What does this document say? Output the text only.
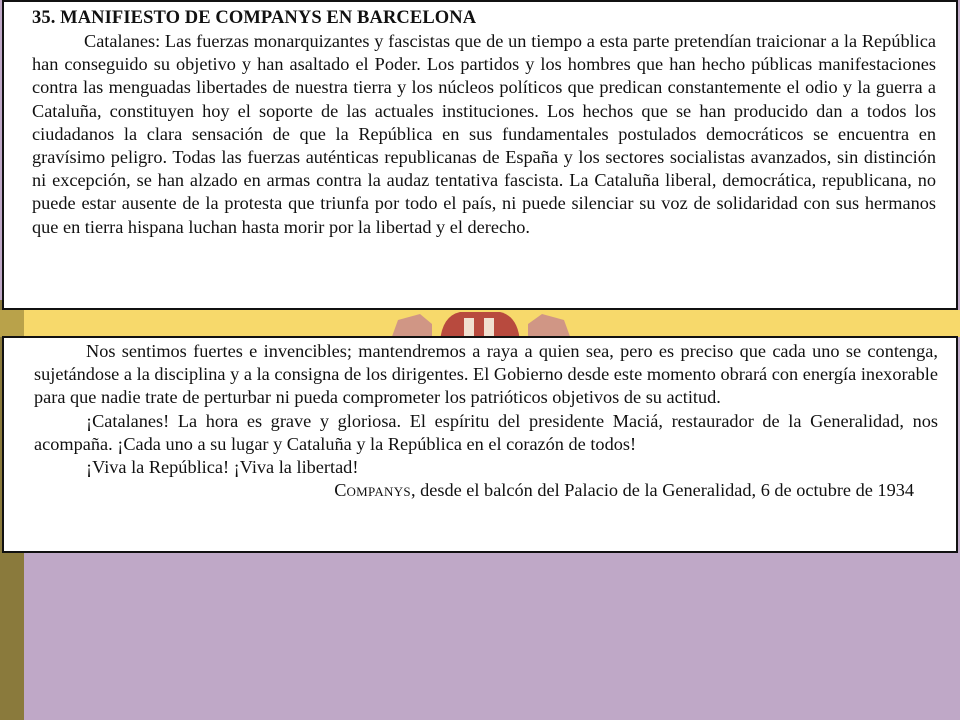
35. MANIFIESTO DE COMPANYS EN BARCELONA

Catalanes: Las fuerzas monarquizantes y fascistas que de un tiempo a esta parte pretendían traicionar a la República han conseguido su objetivo y han asaltado el Poder. Los partidos y los hombres que han hecho públicas manifestaciones contra las menguadas libertades de nuestra tierra y los núcleos políticos que predican constantemente el odio y la guerra a Cataluña, constituyen hoy el soporte de las actuales instituciones. Los hechos que se han producido dan a todos los ciudadanos la clara sensación de que la República en sus fundamentales postulados democráticos se encuentra en gravísimo peligro. Todas las fuerzas auténticas republicanas de España y los sectores socialistas avanzados, sin distinción ni excepción, se han alzado en armas contra la audaz tentativa fascista. La Cataluña liberal, democrática, republicana, no puede estar ausente de la protesta que triunfa por todo el país, ni puede silenciar su voz de solidaridad con sus hermanos que en tierra hispana luchan hasta morir por la libertad y el derecho.

Nos sentimos fuertes e invencibles; mantendremos a raya a quien sea, pero es preciso que cada uno se contenga, sujetándose a la disciplina y a la consigna de los dirigentes. El Gobierno desde este momento obrará con energía inexorable para que nadie trate de perturbar ni pueda comprometer los patrióticos objetivos de su actitud.

¡Catalanes! La hora es grave y gloriosa. El espíritu del presidente Maciá, restaurador de la Generalidad, nos acompaña. ¡Cada uno a su lugar y Cataluña y la República en el corazón de todos!

¡Viva la República! ¡Viva la libertad!

COMPANYS, desde el balcón del Palacio de la Generalidad, 6 de octubre de 1934
